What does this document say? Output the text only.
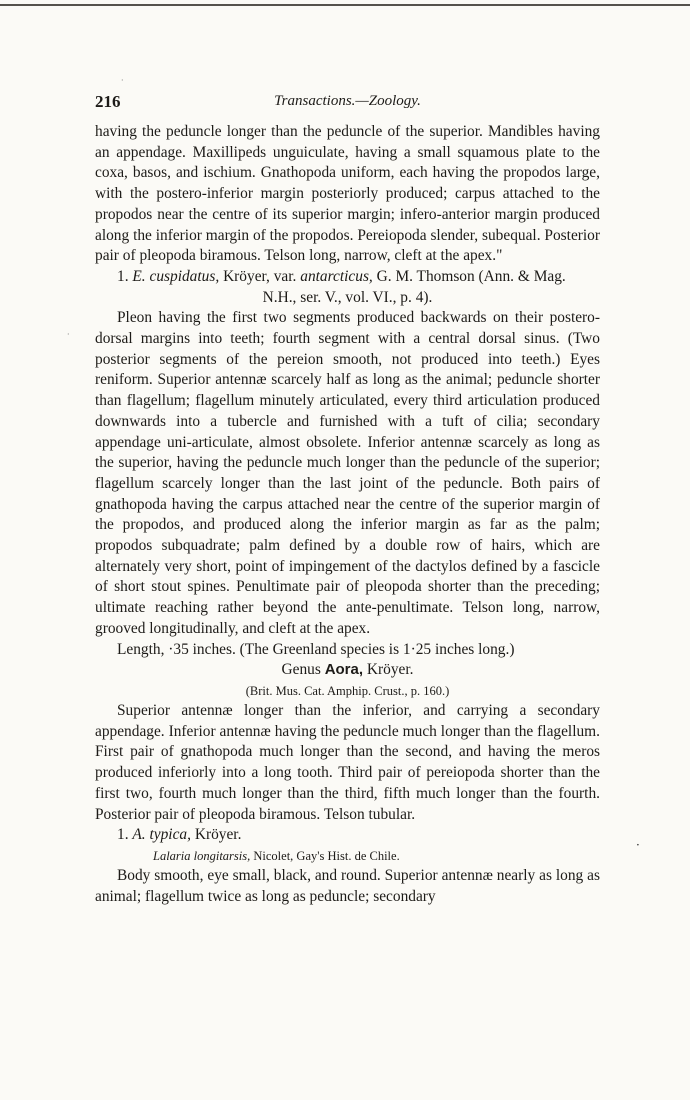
216	Transactions.—Zoology.
·
·
·

having the peduncle longer than the peduncle of the superior. Mandibles having an appendage. Maxillipeds unguiculate, having a small squamous plate to the coxa, basos, and ischium. Gnathopoda uniform, each having the propodos large, with the postero-inferior margin posteriorly produced; carpus attached to the propodos near the centre of its superior margin; infero-anterior margin produced along the inferior margin of the propodos. Pereiopoda slender, subequal. Posterior pair of pleopoda biramous. Telson long, narrow, cleft at the apex."

1. E. cuspidatus, Kröyer, var. antarcticus, G. M. Thomson (Ann. & Mag.

N.H., ser. V., vol. VI., p. 4).

Pleon having the first two segments produced backwards on their postero-dorsal margins into teeth; fourth segment with a central dorsal sinus. (Two posterior segments of the pereion smooth, not produced into teeth.) Eyes reniform. Superior antennæ scarcely half as long as the animal; peduncle shorter than flagellum; flagellum minutely articulated, every third articulation produced downwards into a tubercle and furnished with a tuft of cilia; secondary appendage uni-articulate, almost obsolete. Inferior antennæ scarcely as long as the superior, having the peduncle much longer than the peduncle of the superior; flagellum scarcely longer than the last joint of the peduncle. Both pairs of gnathopoda having the carpus attached near the centre of the superior margin of the propodos, and produced along the inferior margin as far as the palm; propodos subquadrate; palm defined by a double row of hairs, which are alternately very short, point of impingement of the dactylos defined by a fascicle of short stout spines. Penultimate pair of pleopoda shorter than the preceding; ultimate reaching rather beyond the ante-penultimate. Telson long, narrow, grooved longitudinally, and cleft at the apex.

Length, ·35 inches. (The Greenland species is 1·25 inches long.)

Genus Aora, Kröyer.

(Brit. Mus. Cat. Amphip. Crust., p. 160.)

Superior antennæ longer than the inferior, and carrying a secondary appendage. Inferior antennæ having the peduncle much longer than the flagellum. First pair of gnathopoda much longer than the second, and having the meros produced inferiorly into a long tooth. Third pair of pereiopoda shorter than the first two, fourth much longer than the third, fifth much longer than the fourth. Posterior pair of pleopoda biramous. Telson tubular.

1. A. typica, Kröyer.

Lalaria longitarsis, Nicolet, Gay's Hist. de Chile.

Body smooth, eye small, black, and round. Superior antennæ nearly as long as animal; flagellum twice as long as peduncle; secondary
